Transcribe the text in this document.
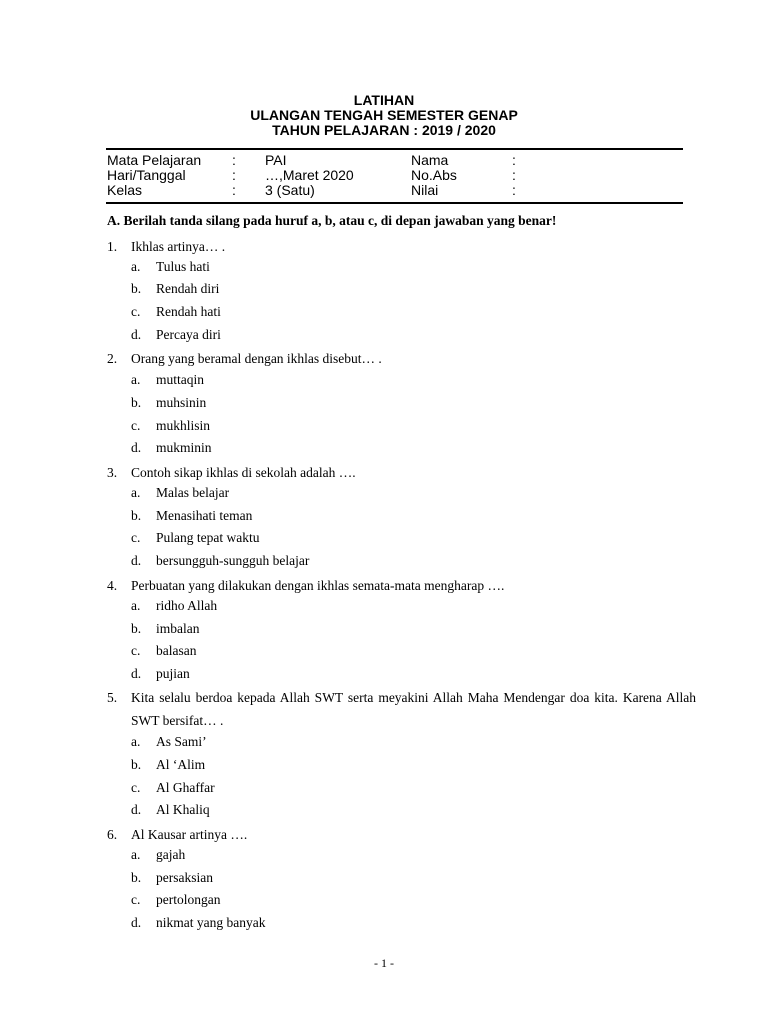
LATIHAN
ULANGAN TENGAH SEMESTER GENAP
TAHUN PELAJARAN : 2019 / 2020
Mata Pelajaran : PAI	Nama	:
Hari/Tanggal	: …,Maret 2020	No.Abs	:
Kelas	: 3 (Satu)	Nilai	:
A. Berilah tanda silang pada huruf a, b, atau c, di depan jawaban yang benar!
1. Ikhlas artinya… .
a. Tulus hati
b. Rendah diri
c. Rendah hati
d. Percaya diri
2. Orang yang beramal dengan ikhlas disebut… .
a. muttaqin
b. muhsinin
c. mukhlisin
d. mukminin
3. Contoh sikap ikhlas di sekolah adalah ….
a. Malas belajar
b. Menasihati teman
c. Pulang tepat waktu
d. bersungguh-sungguh belajar
4. Perbuatan yang dilakukan dengan ikhlas semata-mata mengharap ….
a. ridho Allah
b. imbalan
c. balasan
d. pujian
5. Kita selalu berdoa kepada Allah SWT serta meyakini Allah Maha Mendengar doa kita. Karena Allah SWT bersifat… .
a. As Sami’
b. Al ‘Alim
c. Al Ghaffar
d. Al Khaliq
6. Al Kausar artinya ….
a. gajah
b. persaksian
c. pertolongan
d. nikmat yang banyak
- 1 -
